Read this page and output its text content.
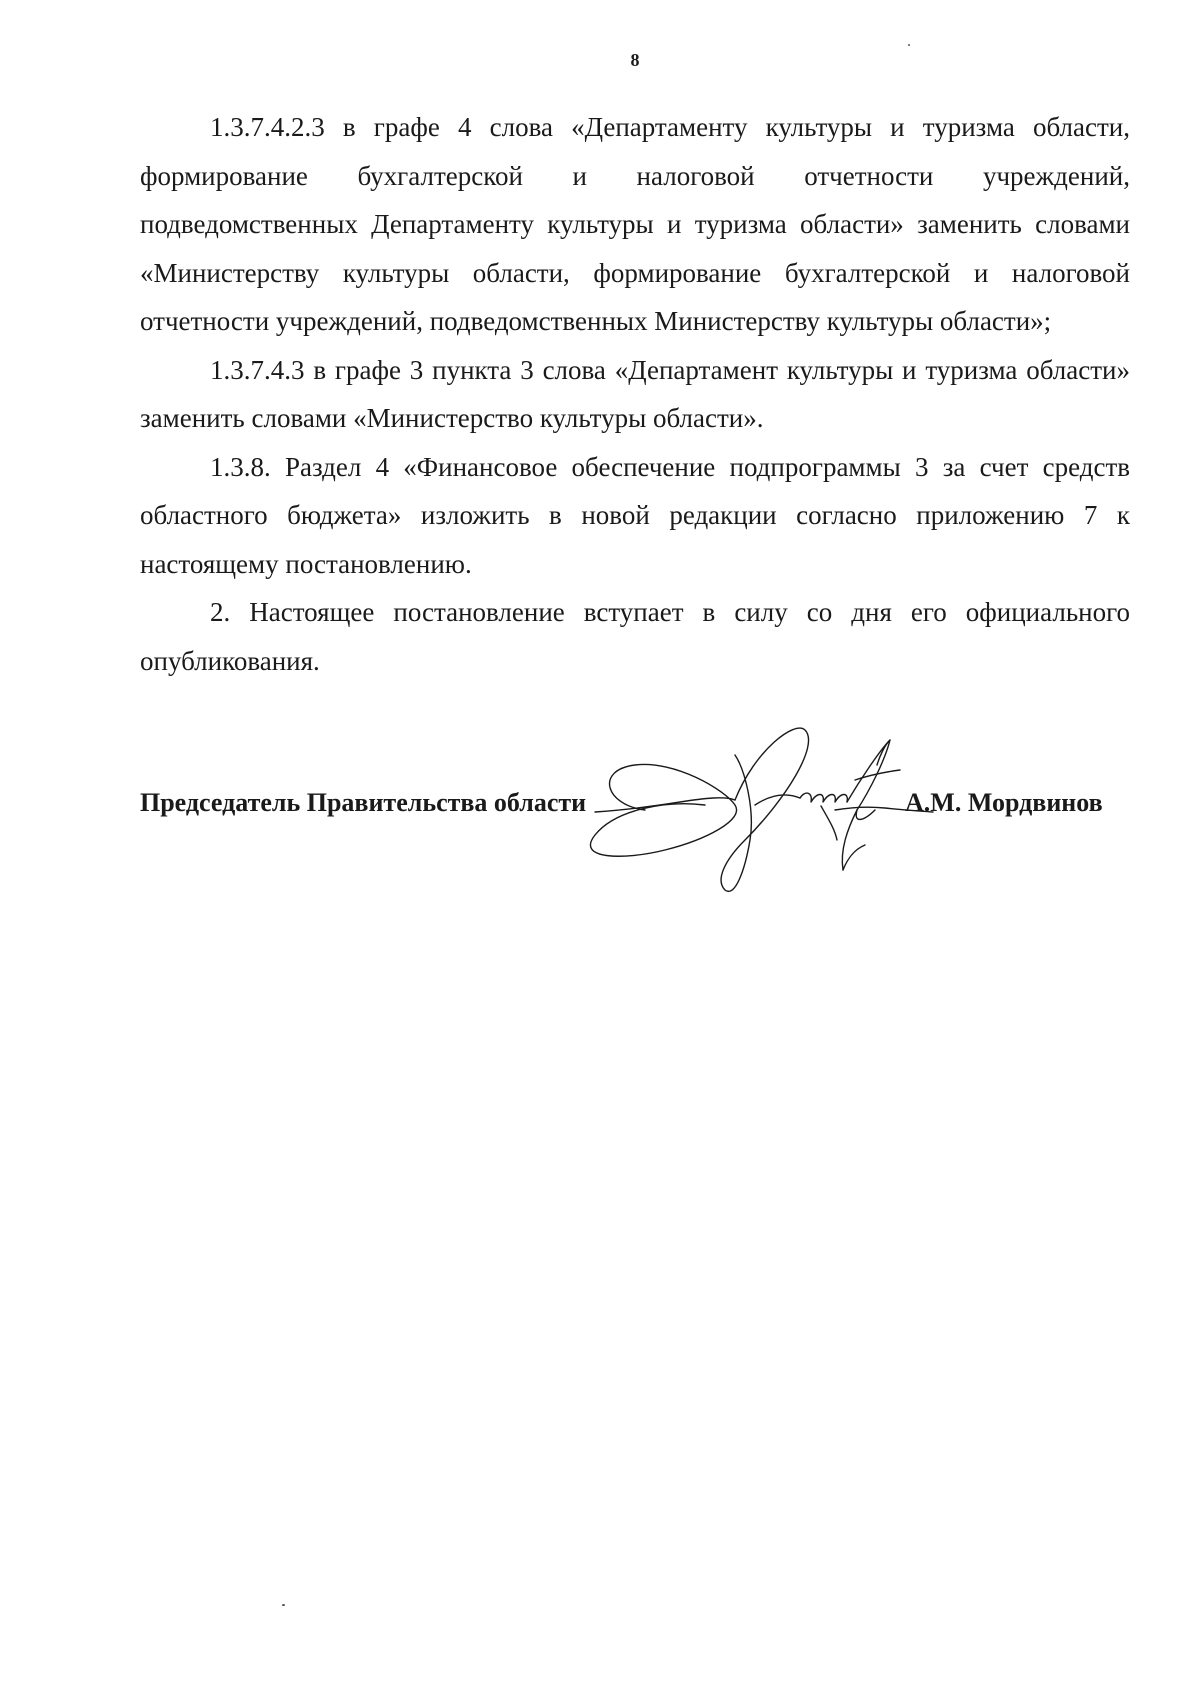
8

1.3.7.4.2.3 в графе 4 слова «Департаменту культуры и туризма области, формирование бухгалтерской и налоговой отчетности учреждений, подведомственных Департаменту культуры и туризма области» заменить словами «Министерству культуры области, формирование бухгалтерской и налоговой отчетности учреждений, подведомственных Министерству культуры области»;

1.3.7.4.3 в графе 3 пункта 3 слова «Департамент культуры и туризма области» заменить словами «Министерство культуры области».

1.3.8. Раздел 4 «Финансовое обеспечение подпрограммы 3 за счет средств областного бюджета» изложить в новой редакции согласно приложению 7 к настоящему постановлению.

2. Настоящее постановление вступает в силу со дня его официального опубликования.

Председатель Правительства области	А.М. Мордвинов
